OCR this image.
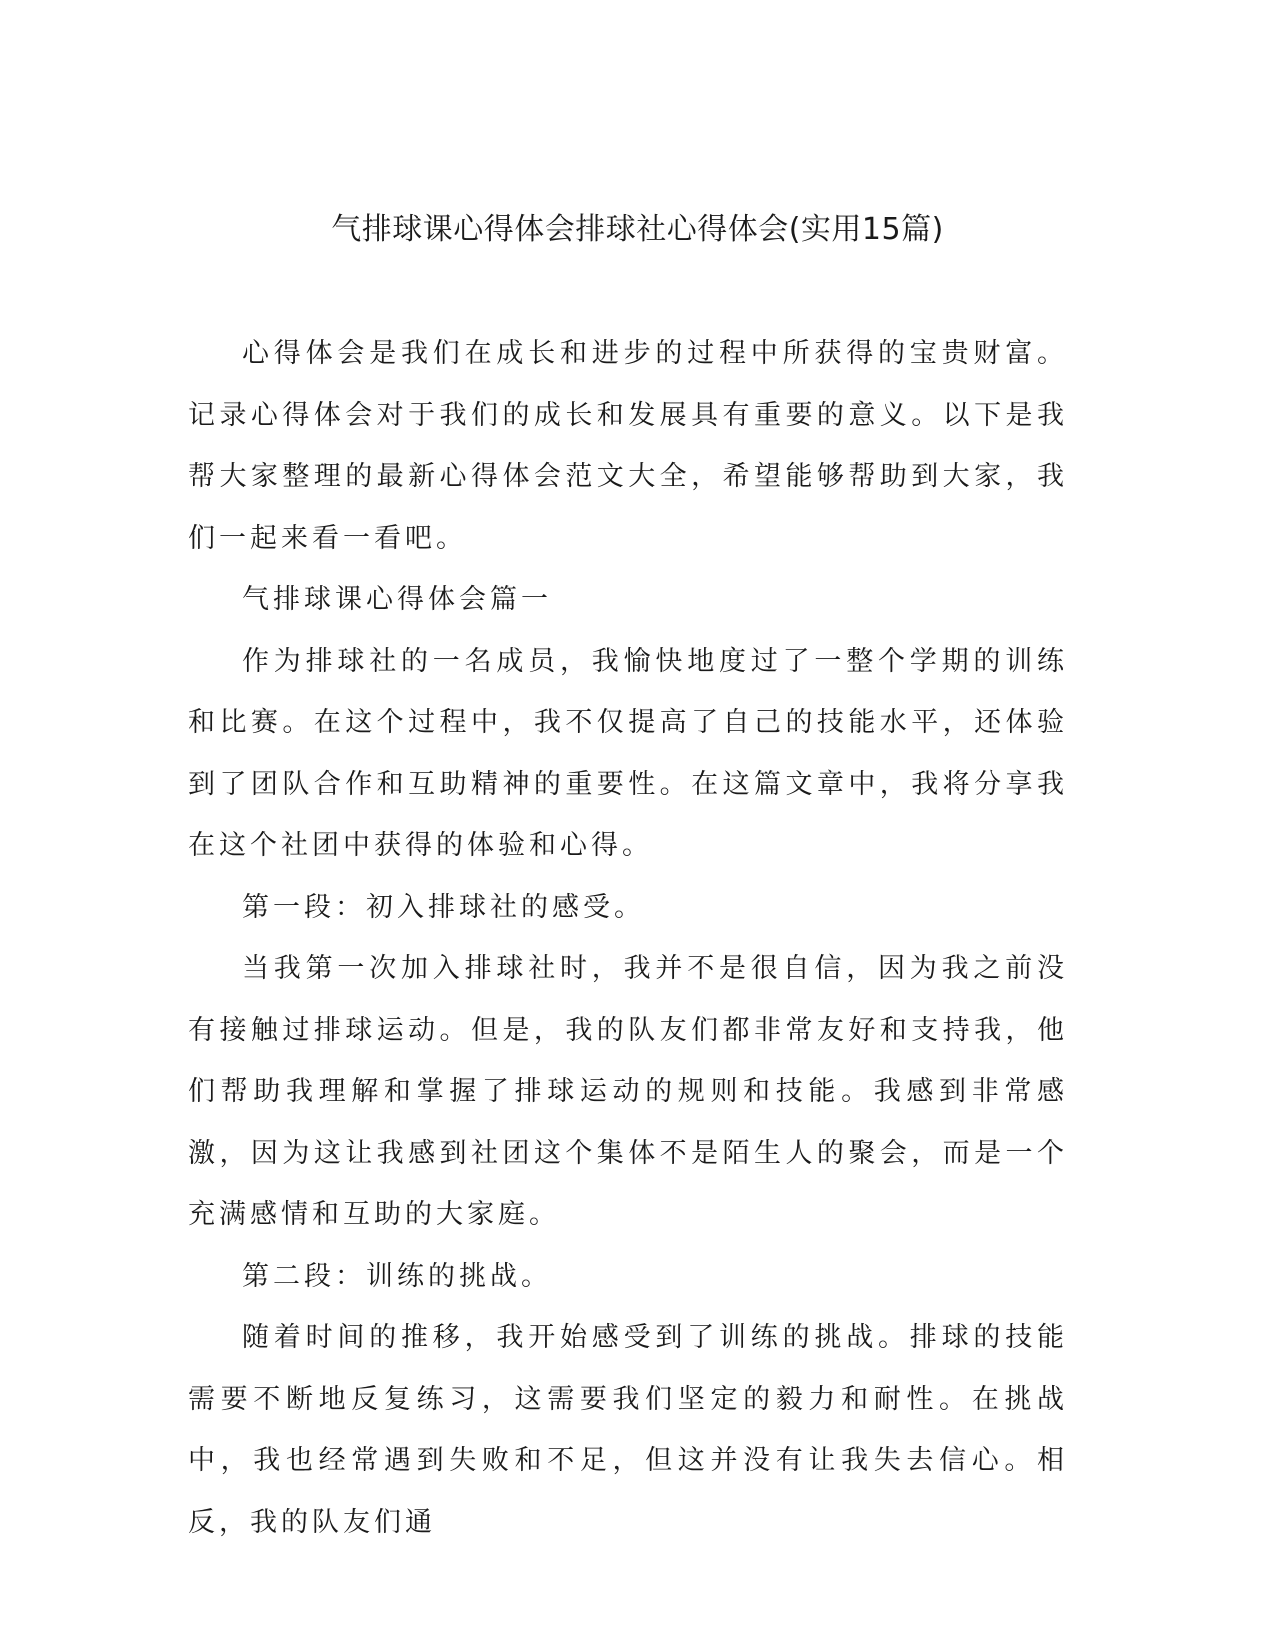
气排球课心得体会排球社心得体会(实用15篇)

心得体会是我们在成长和进步的过程中所获得的宝贵财富。记录心得体会对于我们的成长和发展具有重要的意义。以下是我帮大家整理的最新心得体会范文大全，希望能够帮助到大家，我们一起来看一看吧。

气排球课心得体会篇一

作为排球社的一名成员，我愉快地度过了一整个学期的训练和比赛。在这个过程中，我不仅提高了自己的技能水平，还体验到了团队合作和互助精神的重要性。在这篇文章中，我将分享我在这个社团中获得的体验和心得。

第一段：初入排球社的感受。

当我第一次加入排球社时，我并不是很自信，因为我之前没有接触过排球运动。但是，我的队友们都非常友好和支持我，他们帮助我理解和掌握了排球运动的规则和技能。我感到非常感激，因为这让我感到社团这个集体不是陌生人的聚会，而是一个充满感情和互助的大家庭。

第二段：训练的挑战。

随着时间的推移，我开始感受到了训练的挑战。排球的技能需要不断地反复练习，这需要我们坚定的毅力和耐性。在挑战中，我也经常遇到失败和不足，但这并没有让我失去信心。相反，我的队友们通
